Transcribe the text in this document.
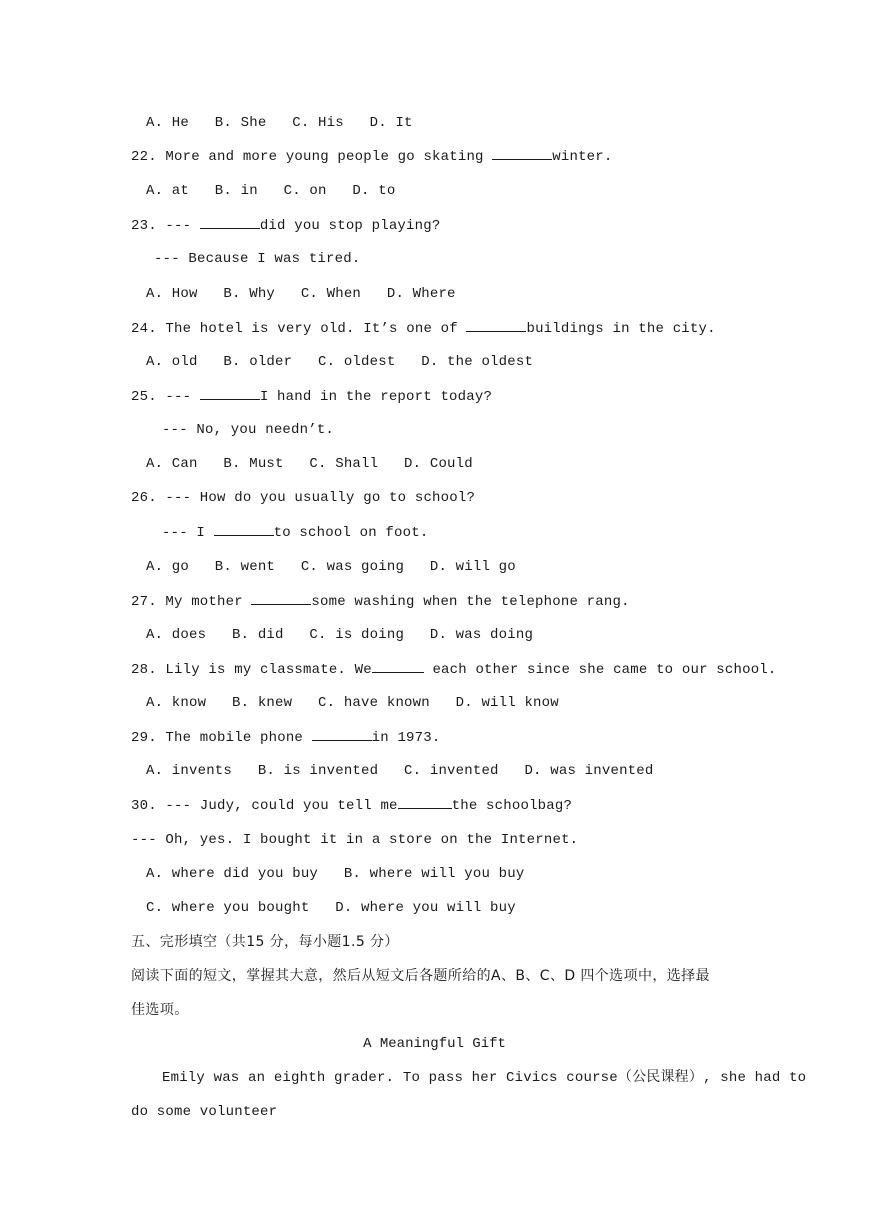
A. He   B. She   C. His   D. It
22. More and more young people go skating	winter.
A. at   B. in   C. on   D. to
23. ---	did you stop playing?
--- Because I was tired.
A. How   B. Why   C. When   D. Where
24. The hotel is very old. It’s one of	buildings in the city.
A. old   B. older   C. oldest   D. the oldest
25. ---	I hand in the report today?
--- No, you needn’t.
A. Can   B. Must   C. Shall   D. Could
26. --- How do you usually go to school?
--- I	to school on foot.
A. go   B. went   C. was going   D. will go
27. My mother	some washing when the telephone rang.
A. does   B. did   C. is doing   D. was doing
28. Lily is my classmate. We	each other since she came to our school.
A. know   B. knew   C. have known   D. will know
29. The mobile phone	in 1973.
A. invents   B. is invented   C. invented   D. was invented
30. --- Judy, could you tell me	the schoolbag?
--- Oh, yes. I bought it in a store on the Internet.
A. where did you buy   B. where will you buy
C. where you bought   D. where you will buy
五、完形填空（共15 分，每小题1.5 分）
阅读下面的短文，掌握其大意，然后从短文后各题所给的A、B、C、D 四个选项中，选择最
佳选项。
A Meaningful Gift
Emily was an eighth grader. To pass her Civics course（公民课程）, she had to
do some volunteer
